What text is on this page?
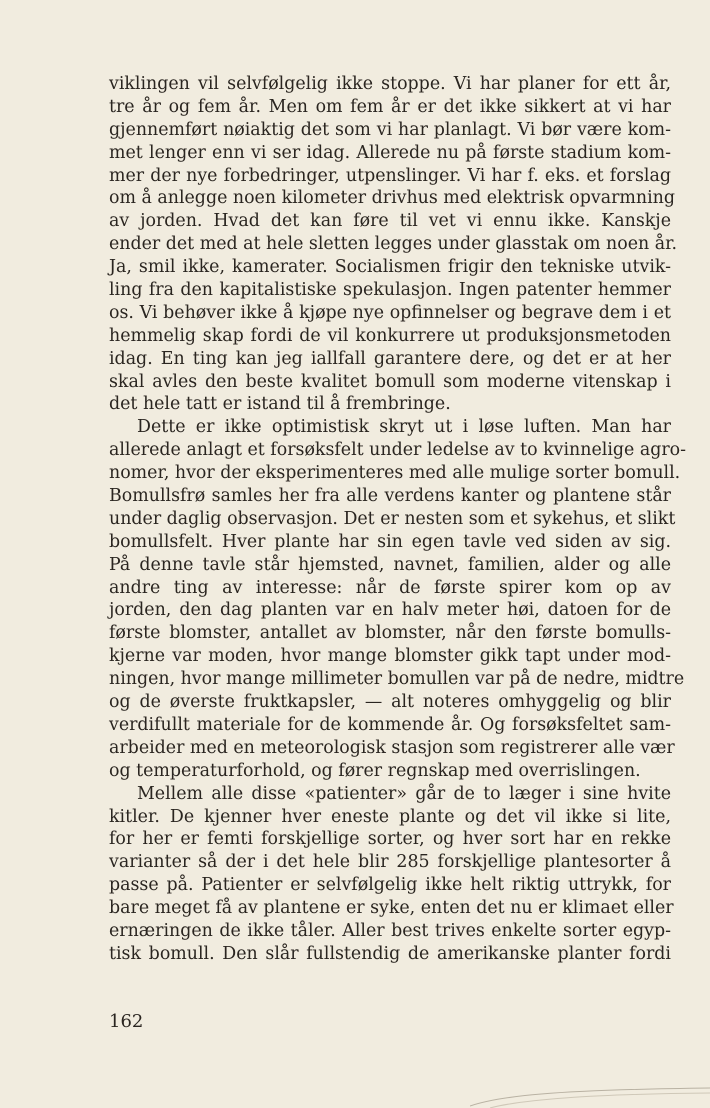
viklingen vil selvfølgelig ikke stoppe. Vi har planer for ett år,
tre år og fem år. Men om fem år er det ikke sikkert at vi har
gjennemført nøiaktig det som vi har planlagt. Vi bør være kom-
met lenger enn vi ser idag. Allerede nu på første stadium kom-
mer der nye forbedringer, utpenslinger. Vi har f. eks. et forslag
om å anlegge noen kilometer drivhus med elektrisk opvarmning
av jorden. Hvad det kan føre til vet vi ennu ikke. Kanskje
ender det med at hele sletten legges under glasstak om noen år.
Ja, smil ikke, kamerater. Socialismen frigir den tekniske utvik-
ling fra den kapitalistiske spekulasjon. Ingen patenter hemmer
os. Vi behøver ikke å kjøpe nye opfinnelser og begrave dem i et
hemmelig skap fordi de vil konkurrere ut produksjonsmetoden
idag. En ting kan jeg iallfall garantere dere, og det er at her
skal avles den beste kvalitet bomull som moderne vitenskap i
det hele tatt er istand til å frembringe.
Dette er ikke optimistisk skryt ut i løse luften. Man har
allerede anlagt et forsøksfelt under ledelse av to kvinnelige agro-
nomer, hvor der eksperimenteres med alle mulige sorter bomull.
Bomullsfrø samles her fra alle verdens kanter og plantene står
under daglig observasjon. Det er nesten som et sykehus, et slikt
bomullsfelt. Hver plante har sin egen tavle ved siden av sig.
På denne tavle står hjemsted, navnet, familien, alder og alle
andre ting av interesse: når de første spirer kom op av
jorden, den dag planten var en halv meter høi, datoen for de
første blomster, antallet av blomster, når den første bomulls-
kjerne var moden, hvor mange blomster gikk tapt under mod-
ningen, hvor mange millimeter bomullen var på de nedre, midtre
og de øverste fruktkapsler, — alt noteres omhyggelig og blir
verdifullt materiale for de kommende år. Og forsøksfeltet sam-
arbeider med en meteorologisk stasjon som registrerer alle vær
og temperaturforhold, og fører regnskap med overrislingen.
Mellem alle disse «patienter» går de to læger i sine hvite
kitler. De kjenner hver eneste plante og det vil ikke si lite,
for her er femti forskjellige sorter, og hver sort har en rekke
varianter så der i det hele blir 285 forskjellige plantesorter å
passe på. Patienter er selvfølgelig ikke helt riktig uttrykk, for
bare meget få av plantene er syke, enten det nu er klimaet eller
ernæringen de ikke tåler. Aller best trives enkelte sorter egyp-
tisk bomull. Den slår fullstendig de amerikanske planter fordi
162
